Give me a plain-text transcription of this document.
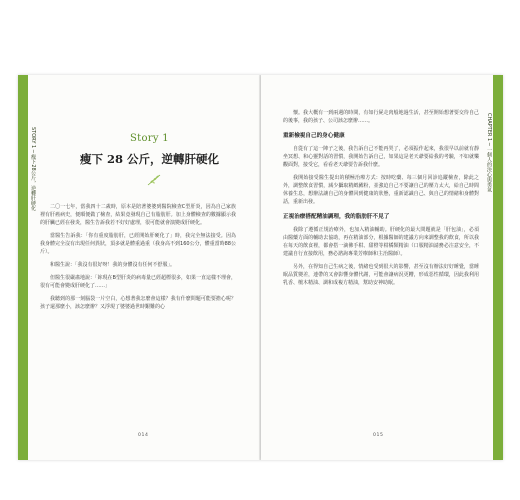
STORY 1 ─ 瘦下28公斤，逆轉肝硬化	Story 1
瘦下 28 公斤，逆轉肝硬化

二〇一七年，當我四十二歲時，原本是陪著婆婆到醫院檢查C型肝炎，因為自己家族裡有肝癌病史，便順便做了檢查，結果竟發現自己有脂肪肝。加上身體檢查的數據顯示我的肝臟已經在發炎，醫生告訴我若不好好處理，很可能就會演變成肝硬化。

當醫生告訴我：「你有重度脂肪肝，已經開始肝硬化了」時，我完全無法接受。因為我身體完全沒有出現任何異狀，頂多就是體重過重（我身高不到160公分，體重當時88公斤）。

和醫生說：「我沒有很好呀！我的身體沒有任何不舒服」。

但醫生很嚴肅地說：「妳現在B型肝炎的病毒量已經超標很多，如果一直這樣不理會，很有可能會變成肝硬化了……」

我聽到的那一刻腦袋一片空白，心想著我怎麼會這樣？我有什麼問題可能要擔心呢？孩子還那麼小，該怎麼辦？又浮現了婆婆過世時艱難的心

014
CHAPTER 1 ─ 一個人的決心與勇氣

懷。我大概有一到兩週的時間，有如行屍走肉般地過生活，甚至開始想著要交待自己的後事，我的孩子、公司該怎麼辦……。

重新檢視自己的身心健康

自從有了這一陣子之後，我告訴自己不能再哭了，必須振作起來，我很早以前就有靜坐冥想、和心靈對話的習慣，我開始告訴自己，如果這是老天爺要給我的考驗，不如就樂觀面對，接受它，看看老天爺要告訴我什麼。

我開始接受醫生提出的積極治療方式：按時吃藥、每三個月回診追蹤檢查，除此之外，調整飲食習慣，減少攝取精緻澱粉，並強迫自己不要讓自己的壓力太大，給自己時間休養生息，想辦法讓自己的身體回到健康的狀態，重新認識自己、與自己的情緒和身體對話，重新出發。

正視治療搭配精油調理，我的脂肪肝不見了

我除了遵循正規治療外，也加入精油輔助。肝硬化的最大問題就是「肝包油」，必須由醫藥方面的輔助去協助，再在精油部分，根據醫師的建議方向來調整我的飲食，所以我在每天的飲食裡，都會搭一滴佛手柑、甜橙等柑橘類精油（口服精油請務必注意安全，不建議自行直接飲用，務必諮詢專業芳療師和主治醫師）。

另外，在得知自己生病之後，情緒也受到很大的影響，甚至沒有辦法好好睡覺，當睡眠品質變差，連帶的又會影響身體代謝，可能會讓病況更糟，形成惡性循環，因此我利用乳香、檀木精油、調和成複方精油，幫助安神助眠。

015
